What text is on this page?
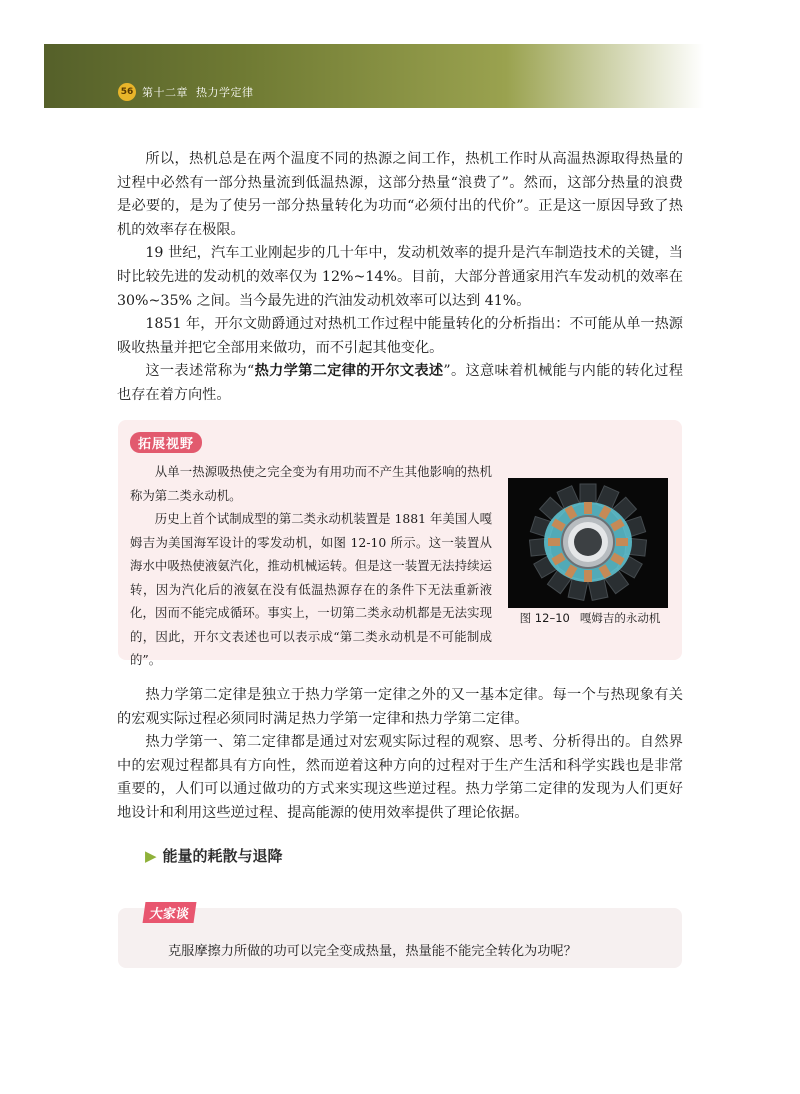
56 第十二章 热力学定律

所以，热机总是在两个温度不同的热源之间工作，热机工作时从高温热源取得热量的过程中必然有一部分热量流到低温热源，这部分热量“浪费了”。然而，这部分热量的浪费是必要的，是为了使另一部分热量转化为功而“必须付出的代价”。正是这一原因导致了热机的效率存在极限。

19 世纪，汽车工业刚起步的几十年中，发动机效率的提升是汽车制造技术的关键，当时比较先进的发动机的效率仅为 12%~14%。目前，大部分普通家用汽车发动机的效率在 30%~35% 之间。当今最先进的汽油发动机效率可以达到 41%。

1851 年，开尔文勋爵通过对热机工作过程中能量转化的分析指出：不可能从单一热源吸收热量并把它全部用来做功，而不引起其他变化。

这一表述常称为“热力学第二定律的开尔文表述”。这意味着机械能与内能的转化过程也存在着方向性。

拓展视野

从单一热源吸热使之完全变为有用功而不产生其他影响的热机称为第二类永动机。

历史上首个试制成型的第二类永动机装置是 1881 年美国人嘎姆吉为美国海军设计的零发动机，如图 12-10 所示。这一装置从海水中吸热使液氨汽化，推动机械运转。但是这一装置无法持续运转，因为汽化后的液氨在没有低温热源存在的条件下无法重新液化，因而不能完成循环。事实上，一切第二类永动机都是无法实现的，因此，开尔文表述也可以表示成“第二类永动机是不可能制成的”。

图 12–10 嘎姆吉的永动机

热力学第二定律是独立于热力学第一定律之外的又一基本定律。每一个与热现象有关的宏观实际过程必须同时满足热力学第一定律和热力学第二定律。

热力学第一、第二定律都是通过对宏观实际过程的观察、思考、分析得出的。自然界中的宏观过程都具有方向性，然而逆着这种方向的过程对于生产生活和科学实践也是非常重要的，人们可以通过做功的方式来实现这些逆过程。热力学第二定律的发现为人们更好地设计和利用这些逆过程、提高能源的使用效率提供了理论依据。

▶ 能量的耗散与退降
大家谈
克服摩擦力所做的功可以完全变成热量，热量能不能完全转化为功呢？
